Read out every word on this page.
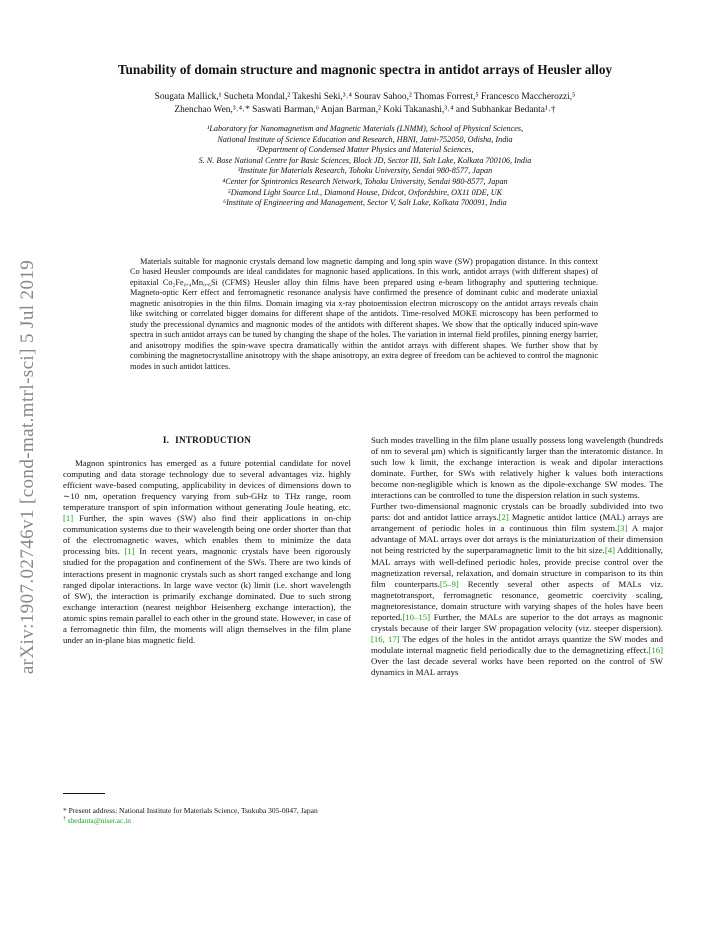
arXiv:1907.02746v1 [cond-mat.mtrl-sci] 5 Jul 2019
Tunability of domain structure and magnonic spectra in antidot arrays of Heusler alloy
Sougata Mallick,¹ Sucheta Mondal,² Takeshi Seki,³˒⁴ Sourav Sahoo,² Thomas Forrest,⁵ Francesco Maccherozzi,⁵
Zhenchao Wen,³˒⁴˒* Saswati Barman,⁶ Anjan Barman,² Koki Takanashi,³˒⁴ and Subhankar Bedanta¹˒†
¹Laboratory for Nanomagnetism and Magnetic Materials (LNMM), School of Physical Sciences,
National Institute of Science Education and Research, HBNI, Jatni-752050, Odisha, India
²Department of Condensed Matter Physics and Material Sciences,
S. N. Bose National Centre for Basic Sciences, Block JD, Sector III, Salt Lake, Kolkata 700106, India
³Institute for Materials Research, Tohoku University, Sendai 980-8577, Japan
⁴Center for Spintronics Research Network, Tohoku University, Sendai 980-8577, Japan
⁵Diamond Light Source Ltd., Diamond House, Didcot, Oxfordshire, OX11 0DE, UK
⁶Institute of Engineering and Management, Sector V, Salt Lake, Kolkata 700091, India

Materials suitable for magnonic crystals demand low magnetic damping and long spin wave (SW) propagation distance. In this context Co based Heusler compounds are ideal candidates for magnonic based applications. In this work, antidot arrays (with different shapes) of epitaxial Co₂Fe₀.₄Mn₀.₆Si (CFMS) Heusler alloy thin films have been prepared using e-beam lithography and sputtering technique. Magneto-optic Kerr effect and ferromagnetic resonance analysis have confirmed the presence of dominant cubic and moderate uniaxial magnetic anisotropies in the thin films. Domain imaging via x-ray photoemission electron microscopy on the antidot arrays reveals chain like switching or correlated bigger domains for different shape of the antidots. Time-resolved MOKE microscopy has been performed to study the precessional dynamics and magnonic modes of the antidots with different shapes. We show that the optically induced spin-wave spectra in such antidot arrays can be tuned by changing the shape of the holes. The variation in internal field profiles, pinning energy barrier, and anisotropy modifies the spin-wave spectra dramatically within the antidot arrays with different shapes. We further show that by combining the magnetocrystalline anisotropy with the shape anisotropy, an extra degree of freedom can be achieved to control the magnonic modes in such antidot lattices.

I. INTRODUCTION

Magnon spintronics has emerged as a future potential candidate for novel computing and data storage technology due to several advantages viz. highly efficient wave-based computing, applicability in devices of dimensions down to ∼10 nm, operation frequency varying from sub-GHz to THz range, room temperature transport of spin information without generating Joule heating, etc.[1] Further, the spin waves (SW) also find their applications in on-chip communication systems due to their wavelength being one order shorter than that of the electromagnetic waves, which enables them to minimize the data processing bits. [1] In recent years, magnonic crystals have been rigorously studied for the propagation and confinement of the SWs. There are two kinds of interactions present in magnonic crystals such as short ranged exchange and long ranged dipolar interactions. In large wave vector (k) limit (i.e. short wavelength of SW), the interaction is primarily exchange dominated. Due to such strong exchange interaction (nearest neighbor Heisenberg exchange interaction), the atomic spins remain parallel to each other in the ground state. However, in case of a ferromagnetic thin film, the moments will align themselves in the film plane under an in-plane bias magnetic field.

Such modes travelling in the film plane usually possess long wavelength (hundreds of nm to several μm) which is significantly larger than the interatomic distance. In such low k limit, the exchange interaction is weak and dipolar interactions dominate. Further, for SWs with relatively higher k values both interactions become non-negligible which is known as the dipole-exchange SW modes. The interactions can be controlled to tune the dispersion relation in such systems.

Further two-dimensional magnonic crystals can be broadly subdivided into two parts: dot and antidot lattice arrays.[2] Magnetic antidot lattice (MAL) arrays are arrangement of periodic holes in a continuous thin film system.[3] A major advantage of MAL arrays over dot arrays is the miniaturization of their dimension not being restricted by the superparamagnetic limit to the bit size.[4] Additionally, MAL arrays with well-defined periodic holes, provide precise control over the magnetization reversal, relaxation, and domain structure in comparison to its thin film counterparts.[5–9] Recently several other aspects of MALs viz. magnetotransport, ferromagnetic resonance, geometric coercivity scaling, magnetoresistance, domain structure with varying shapes of the holes have been reported.[10–15] Further, the MALs are superior to the dot arrays as magnonic crystals because of their larger SW propagation velocity (viz. steeper dispersion).[16, 17] The edges of the holes in the antidot arrays quantize the SW modes and modulate internal magnetic field periodically due to the demagnetizing effect.[16] Over the last decade several works have been reported on the control of SW dynamics in MAL arrays

* Present address: National Institute for Materials Science, Tsukuba 305-0047, Japan
† sbedanta@niser.ac.in
